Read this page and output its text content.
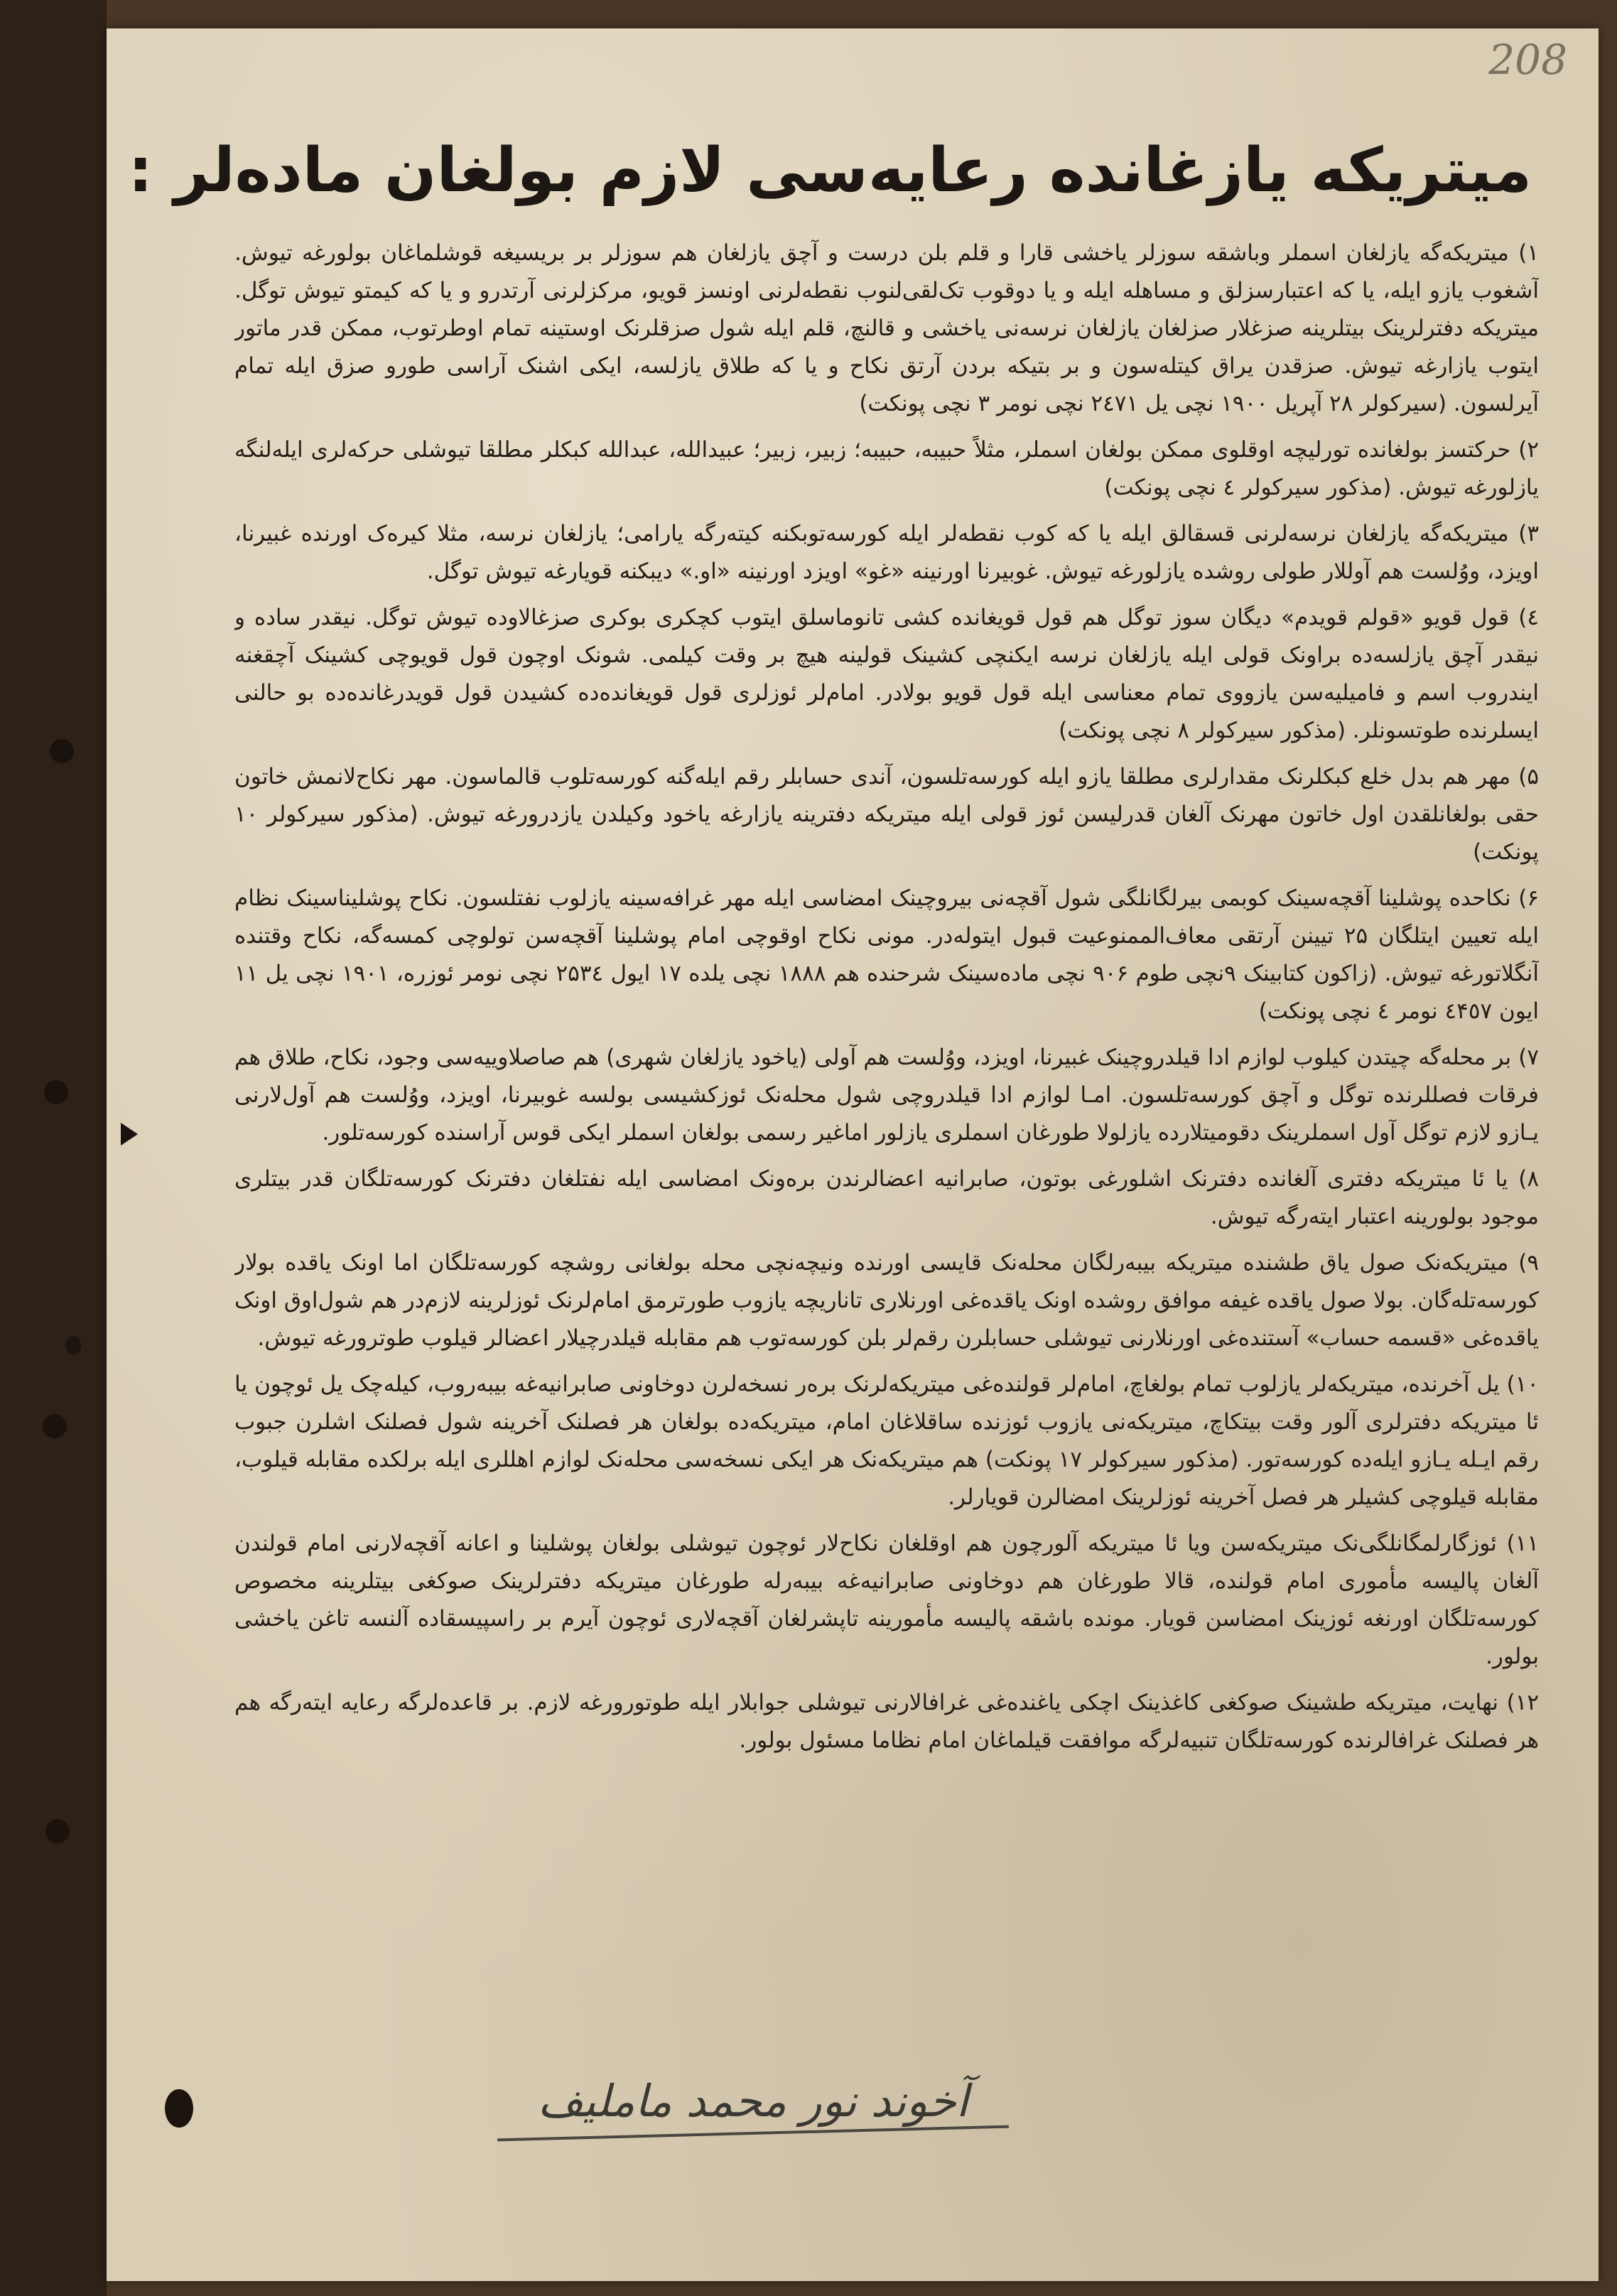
208
میتریکه یازغانده رعایه‌سی لازم بولغان ماده‌لر :

۱) میتریکه‌گه یازلغان اسملر وباشقه سوزلر یاخشی قارا و قلم بلن درست و آچق یازلغان هم سوزلر بر بریسیغه قوشلماغان بولورغه تیوش. آشغوب یازو ایله، یا که اعتبارسزلق و مساهله ایله و یا دوقوب تک‌لقی‌لنوب نقطه‌لرنی اونسز قویو، مرکزلرنی آرتدرو و یا که کیمتو تیوش توگل. میتریکه دفترلرینک بیتلرینه صزغلار صزلغان یازلغان نرسه‌نی یاخشی و قالنچ، قلم ایله شول صزقلرنک اوستینه تمام اوطرتوب، ممکن قدر ماتور ایتوب یازارغه تیوش. صزقدن یراق کیتله‌سون و بر بتیکه بردن آرتق نکاح و یا که طلاق یازلسه، ایکی اشنک آراسی طورو صزق ایله تمام آیرلسون. (سیرکولر ۲۸ آپریل ۱۹۰۰ نچی یل ۲٤٧۱ نچی نومر ۳ نچی پونکت)

۲) حرکتسز بولغانده تورلیچه اوقلوی ممکن بولغان اسملر، مثلاً حبیبه، حبیبه؛ زبیر، زبیر؛ عبیدالله، عبدالله کبکلر مطلقا تیوشلی حرکه‌لری ایله‌لنگه یازلورغه تیوش. (مذکور سیرکولر ٤ نچی پونکت)

۳) میتریکه‌گه یازلغان نرسه‌لرنی قسقالق ایله یا که کوب نقطه‌لر ایله کورسه‌توبکنه کیته‌رگه یارامی؛ یازلغان نرسه، مثلا کیره‌ک اورنده غبیرنا، اویزد، ووُلست هم آوللار طولی روشده یازلورغه تیوش. غوبیرنا اورنینه «غو» اویزد اورنینه «او.» دیبکنه قویارغه تیوش توگل.

٤) قول قویو «قولم قویدم» دیگان سوز توگل هم قول قویغانده کشی تانوماسلق ایتوب کچکری بوکری صزغالاوده تیوش توگل. نیقدر ساده و نیقدر آچق یازلسه‌ده براونک قولی ایله یازلغان نرسه ایکنچی کشینک قولینه هیچ بر وقت کیلمی. شونک اوچون قول قویوچی کشینک آچقغنه ایندروب اسم و فامیلیه‌سن یازووی تمام معناسی ایله قول قویو بولادر. امام‌لر ئوزلری قول قویغانده‌ده کشیدن قول قویدرغانده‌ده بو حالنی ایسلرنده طوتسونلر. (مذکور سیرکولر ۸ نچی پونکت)

۵) مهر هم بدل خلع کبکلرنک مقدارلری مطلقا یازو ایله کورسه‌تلسون، آندی حسابلر رقم ایله‌گنه کورسه‌تلوب قالماسون. مهر نکاح‌لانمش خاتون حقی بولغانلقدن اول خاتون مهرنک آلغان قدرلیسن ئوز قولی ایله میتریکه دفترینه یازارغه یاخود وکیلدن یازدرورغه تیوش. (مذکور سیرکولر ۱۰ پونکت)

۶) نکاحده پوشلینا آقچه‌سینک کوبمی بیرلگانلگی شول آقچه‌نی بیروچینک امضاسی ایله مهر غرافه‌سینه یازلوب نفتلسون. نکاح پوشلیناسینک نظام ایله تعیین ایتلگان ۲۵ تیینن آرتقی معاف‌الممنوعیت قبول ایتوله‌در. مونی نکاح اوقوچی امام پوشلینا آقچه‌سن تولوچی کمسه‌گه، نکاح وقتنده آنگلاتورغه تیوش. (زاکون کتابینک ۹نچی طوم ۹۰۶ نچی ماده‌سینک شرحنده هم ۱۸۸۸ نچی یلده ۱۷ ایول ۲۵۳٤ نچی نومر ئوزره، ۱۹۰۱ نچی یل ۱۱ ایون ٤۴٥۷ نومر ٤ نچی پونکت)

۷) بر محله‌گه چیتدن کیلوب لوازم ادا قیلدروچینک غبیرنا، اویزد، ووُلست هم آولی (یاخود یازلغان شهری) هم صاصلاوییه‌سی وجود، نکاح، طلاق هم فرقات فصللرنده توگل و آچق کورسه‌تلسون. امـا لوازم ادا قیلدروچی شول محله‌نک ئوزکشیسی بولسه غوبیرنا، اویزد، ووُلست هم آول‌لارنی یـازو لازم توگل آول اسملرینک دقومیتلارده یازلولا طورغان اسملری یازلور اماغیر رسمی بولغان اسملر ایکی قوس آراسنده کورسه‌تلور.

۸) یا ئا میتریکه دفتری آلغانده دفترنک اشلورغی بوتون، صابرانیه اعضالرندن بره‌ونک امضاسی ایله نفتلغان دفترنک کورسه‌تلگان قدر بیتلری موجود بولورینه اعتبار ایته‌رگه تیوش.

۹) میتریکه‌نک صول یاق طشنده میتریکه بیبه‌رلگان محله‌نک قایسی اورنده ونیچه‌نچی محله بولغانی روشچه کورسه‌تلگان اما اونک یاقده بولار کورسه‌تله‌گان. بولا صول یاقده غیفه موافق روشده اونک یاقده‌غی اورنلاری تاناریچه یازوب طورترمق امام‌لرنک ئوزلرینه لازم‌در هم شول‌اوق اونک یاقده‌غی «قسمه حساب» آستنده‌غی اورنلارنی تیوشلی حسابلرن رقم‌لر بلن کورسه‌توب هم مقابله قیلدرچیلار اعضالر قیلوب طوترورغه تیوش.

۱۰) یل آخرنده، میتریکه‌لر یازلوب تمام بولغاچ، امام‌لر قولنده‌غی میتریکه‌لرنک بره‌ر نسخه‌لرن دوخاونی صابرانیه‌غه بیبه‌روب، کیله‌چک یل ئوچون یا ئا میتریکه دفترلری آلور وقت بیتکاچ، میتریکه‌نی یازوب ئوزنده ساقلاغان امام، میتریکه‌ده بولغان هر فصلنک آخرینه شول فصلنک اشلرن جبوب رقم ایـله یـازو ایله‌ده کورسه‌تور. (مذکور سیرکولر ۱۷ پونکت) هم میتریکه‌نک هر ایکی نسخه‌سی محله‌نک لوازم اهللری ایله برلکده مقابله قیلوب، مقابله قیلوچی کشیلر هر فصل آخرینه ئوزلرینک امضالرن قویارلر.

۱۱) ئوزگارلمگانلگی‌نک میتریکه‌سن ویا ئا میتریکه آلورچون هم اوقلغان نکاح‌لار ئوچون تیوشلی بولغان پوشلینا و اعانه آقچه‌لارنی امام قولندن آلغان پالیسه مأموری امام قولنده، قالا طورغان هم دوخاونی صابرانیه‌غه بیبه‌رله طورغان میتریکه دفترلرینک صوکغی بیتلرینه مخصوص کورسه‌تلگان اورنغه ئوزینک امضاسن قویار. مونده باشقه پالیسه مأمورینه تاپشرلغان آقچه‌لاری ئوچون آیرم بر راسپیسقاده آلنسه تاغن یاخشی بولور.

۱۲) نهایت، میتریکه طشینک صوکغی کاغذینک اچکی یاغنده‌غی غرافالارنی تیوشلی جوابلار ایله طوتورورغه لازم. بر قاعده‌لرگه رعایه ایته‌رگه هم هر فصلنک غرافالرنده کورسه‌تلگان تنبیه‌لرگه موافقت قیلماغان امام نظاما مسئول بولور.

آخوند نور محمد ماملیف
